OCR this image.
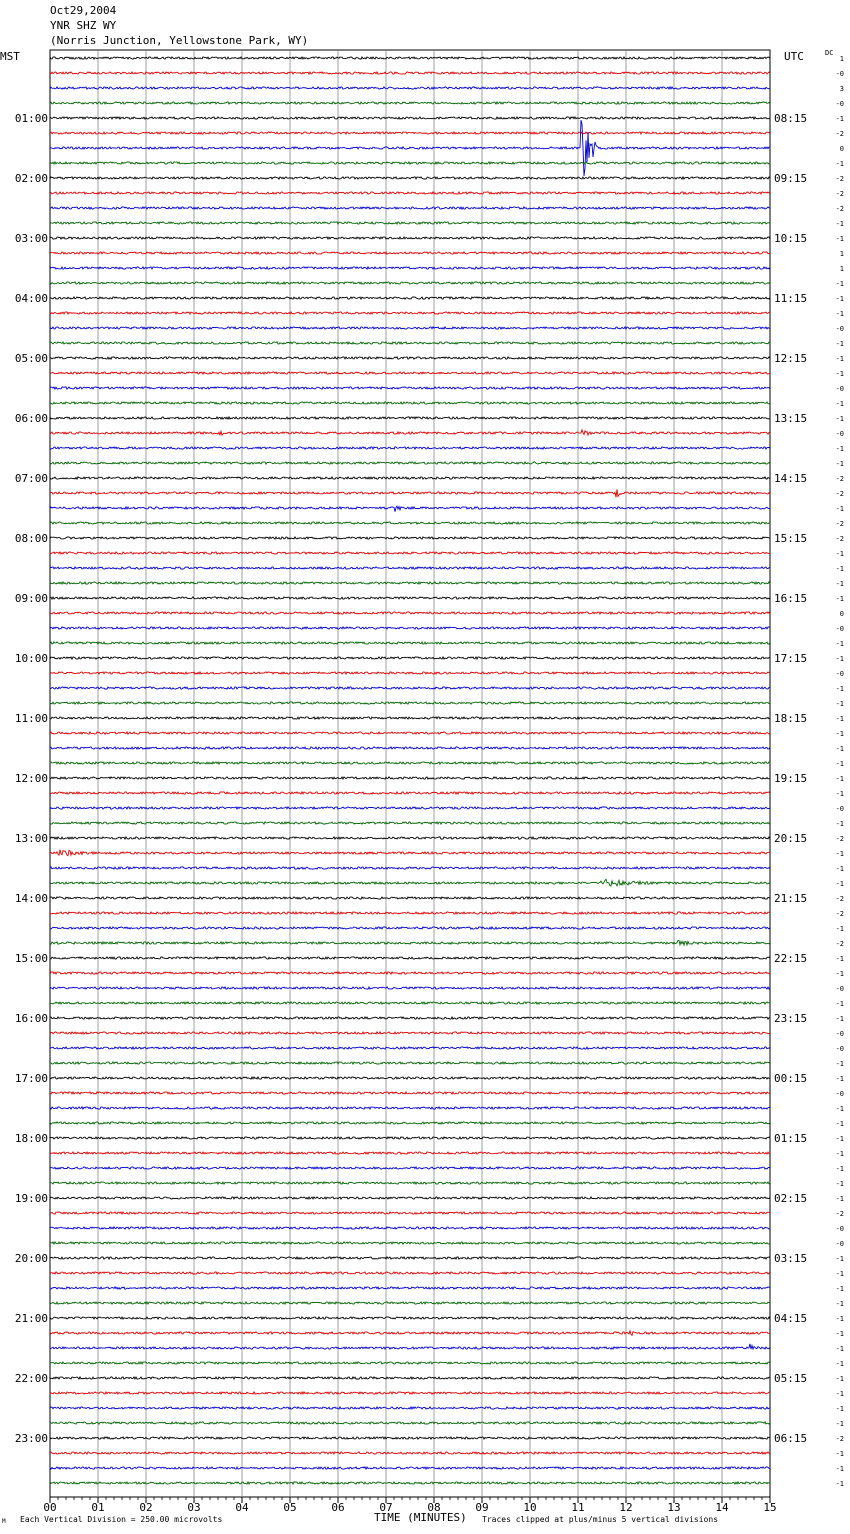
Oct29,2004
YNR SHZ WY
(Norris Junction, Yellowstone Park, WY)
MST	UTC	DC
00	01	02	03	04	05	06	07	08	09	10	11	12	13	14	15
1
-0
3
-0
-1
-2
0
-1
-2
-2
-2
-1
-1
1
1
-1
-1
-1
-0
-1
-1
-1
-0
-1
-1
-0
-1
-1
-2
-2
-1
-2
-2
-1
-1
-1
-1
0
-0
-1
-1
-0
-1
-1
-1
-1
-1
-1
-1
-1
-0
-1
-2
-1
-1
-1
-2
-2
-1
-2
-1
-1
-0
-1
-1
-0
-0
-1
-1
-0
-1
-1
-1
-1
-1
-1
-1
-2
-0
-0
-1
-1
-1
-1
-1
-1
-1
-1
-1
-1
-1
-1
-2
-1
-1
-1
01:00
02:00
03:00
04:00
05:00
06:00
07:00
08:00
09:00
10:00
11:00
12:00
13:00
14:00
15:00
16:00
17:00
18:00
19:00
20:00
21:00
22:00
23:00
08:15
09:15
10:15
11:15
12:15
13:15
14:15
15:15
16:15
17:15
18:15
19:15
20:15
21:15
22:15
23:15
00:15
01:15
02:15
03:15
04:15
05:15
06:15
M Each Vertical Division = 250.00 microvolts	TIME (MINUTES) Traces clipped at plus/minus 5 vertical divisions
